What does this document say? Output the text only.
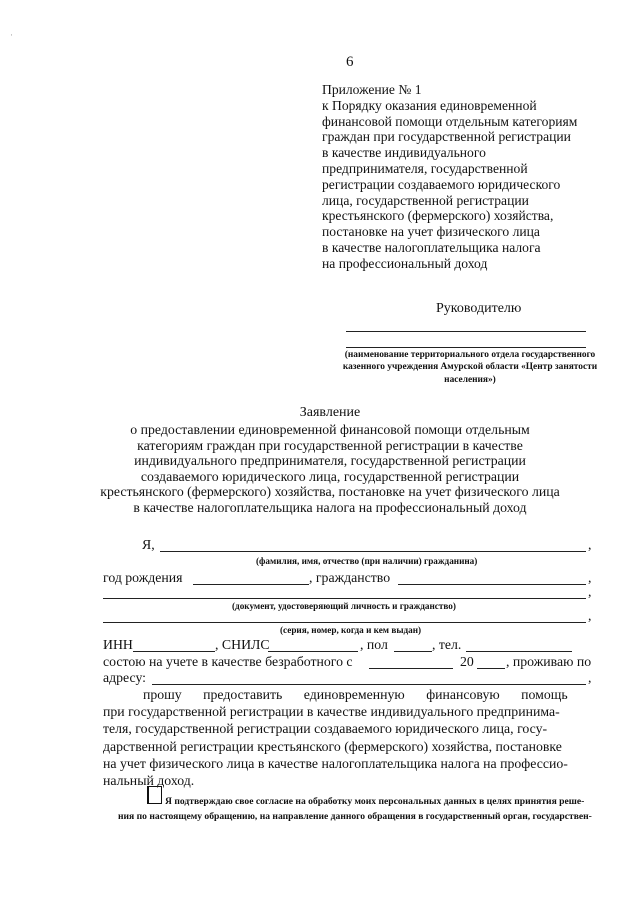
·
6
Приложение № 1
к Порядку оказания единовременной
финансовой помощи отдельным категориям
граждан при государственной регистрации
в качестве индивидуального
предпринимателя, государственной
регистрации создаваемого юридического
лица, государственной регистрации
крестьянского (фермерского) хозяйства,
постановке на учет физического лица
в качестве налогоплательщика налога
на профессиональный доход
Руководителю
(наименование территориального отдела государственного казенного учреждения Амурской области «Центр занятости населения»)
Заявление
о предоставлении единовременной финансовой помощи отдельным
категориям граждан при государственной регистрации в качестве
индивидуального предпринимателя, государственной регистрации
создаваемого юридического лица, государственной регистрации
крестьянского (фермерского) хозяйства, постановке на учет физического лица
в качестве налогоплательщика налога на профессиональный доход
Я,	,
(фамилия, имя, отчество (при наличии) гражданина)
год рождения	, гражданство	,
,
(документ, удостоверяющий личность и гражданство)
,
(серия, номер, когда и кем выдан)
ИНН	, СНИЛС	, пол	, тел.
состою на учете в качестве безработного с	20 , проживаю по
адресу:	,
прошу предоставить единовременную финансовую помощь
при государственной регистрации в качестве индивидуального предпринима-
теля, государственной регистрации создаваемого юридического лица, госу-
дарственной регистрации крестьянского (фермерского) хозяйства, постановке
на учет физического лица в качестве налогоплательщика налога на профессио-
нальный доход.
Я подтверждаю свое согласие на обработку моих персональных данных в целях принятия реше-
ния по настоящему обращению, на направление данного обращения в государственный орган, государствен-
